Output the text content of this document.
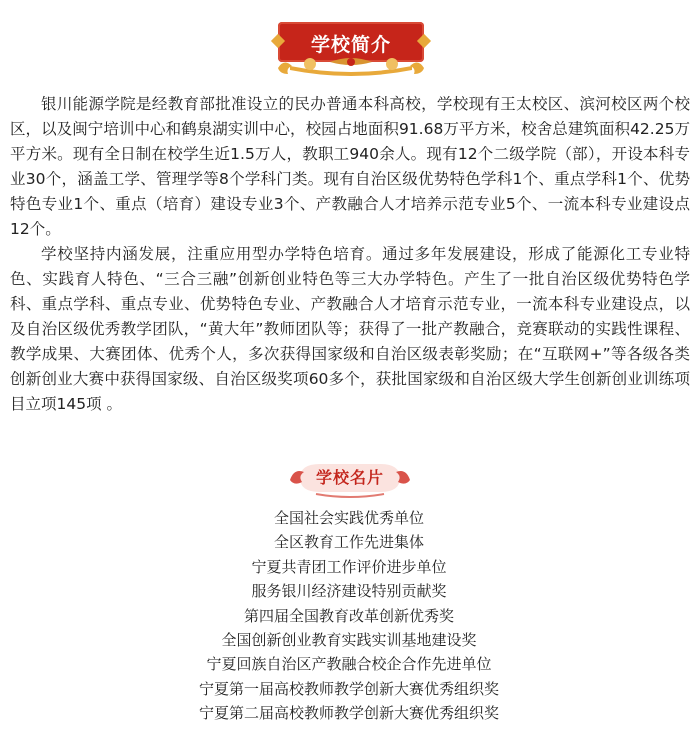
学校简介

银川能源学院是经教育部批准设立的民办普通本科高校，学校现有王太校区、滨河校区两个校区，以及闽宁培训中心和鹤泉湖实训中心，校园占地面积91.68万平方米，校舍总建筑面积42.25万平方米。现有全日制在校学生近1.5万人，教职工940余人。现有12个二级学院（部），开设本科专业30个，涵盖工学、管理学等8个学科门类。现有自治区级优势特色学科1个、重点学科1个、优势特色专业1个、重点（培育）建设专业3个、产教融合人才培养示范专业5个、一流本科专业建设点12个。

学校坚持内涵发展，注重应用型办学特色培育。通过多年发展建设，形成了能源化工专业特色、实践育人特色、“三合三融”创新创业特色等三大办学特色。产生了一批自治区级优势特色学科、重点学科、重点专业、优势特色专业、产教融合人才培育示范专业，一流本科专业建设点，以及自治区级优秀教学团队，“黄大年”教师团队等；获得了一批产教融合，竞赛联动的实践性课程、教学成果、大赛团体、优秀个人，多次获得国家级和自治区级表彰奖励；在“互联网+”等各级各类创新创业大赛中获得国家级、自治区级奖项60多个，获批国家级和自治区级大学生创新创业训练项目立项145项 。

学校名片
全国社会实践优秀单位
全区教育工作先进集体
宁夏共青团工作评价进步单位
服务银川经济建设特别贡献奖
第四届全国教育改革创新优秀奖
全国创新创业教育实践实训基地建设奖
宁夏回族自治区产教融合校企合作先进单位
宁夏第一届高校教师教学创新大赛优秀组织奖
宁夏第二届高校教师教学创新大赛优秀组织奖
